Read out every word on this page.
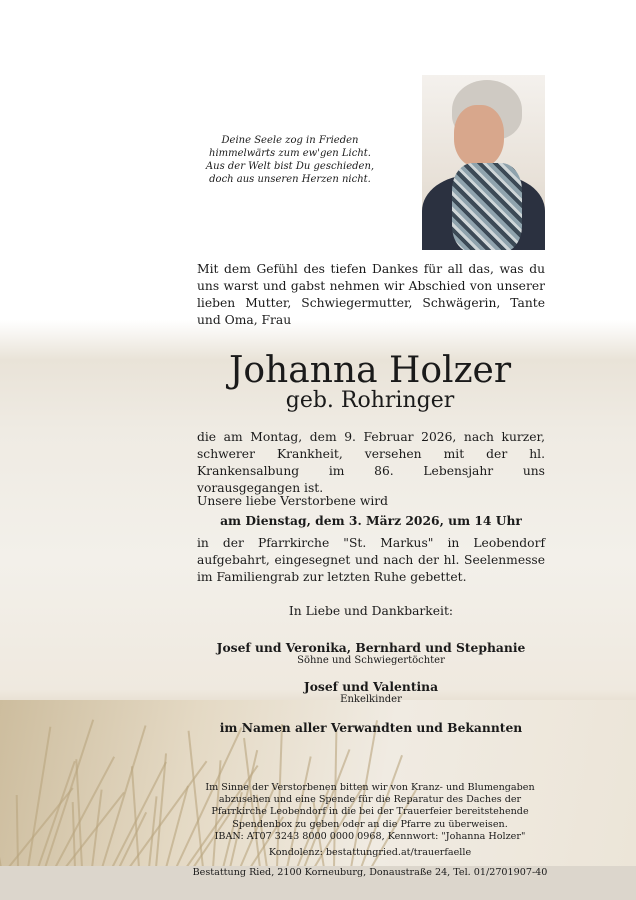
Deine Seele zog in Frieden
himmelwärts zum ew'gen Licht.
Aus der Welt bist Du geschieden,
doch aus unseren Herzen nicht.
Mit dem Gefühl des tiefen Dankes für all das, was du uns warst und gabst nehmen wir Abschied von unserer lieben Mutter, Schwiegermutter, Schwägerin, Tante und Oma, Frau
Johanna Holzer
geb. Rohringer
die am Montag, dem 9. Februar 2026, nach kurzer, schwerer Krankheit, versehen mit der hl. Krankensalbung im 86. Lebensjahr uns vorausgegangen ist.
Unsere liebe Verstorbene wird
am Dienstag, dem 3. März 2026, um 14 Uhr
in der Pfarrkirche "St. Markus" in Leobendorf aufgebahrt, eingesegnet und nach der hl. Seelenmesse im Familiengrab zur letzten Ruhe gebettet.
In Liebe und Dankbarkeit:
Josef und Veronika, Bernhard und Stephanie
Söhne und Schwiegertöchter
Josef und Valentina
Enkelkinder
im Namen aller Verwandten und Bekannten
Im Sinne der Verstorbenen bitten wir von Kranz- und Blumengaben
abzusehen und eine Spende für die Reparatur des Daches der
Pfarrkirche Leobendorf in die bei der Trauerfeier bereitstehende
Spendenbox zu geben oder an die Pfarre zu überweisen.
IBAN: AT07 3243 8000 0000 0968, Kennwort: "Johanna Holzer"
Kondolenz: bestattungried.at/trauerfaelle
Bestattung Ried, 2100 Korneuburg, Donaustraße 24, Tel. 01/2701907-40
